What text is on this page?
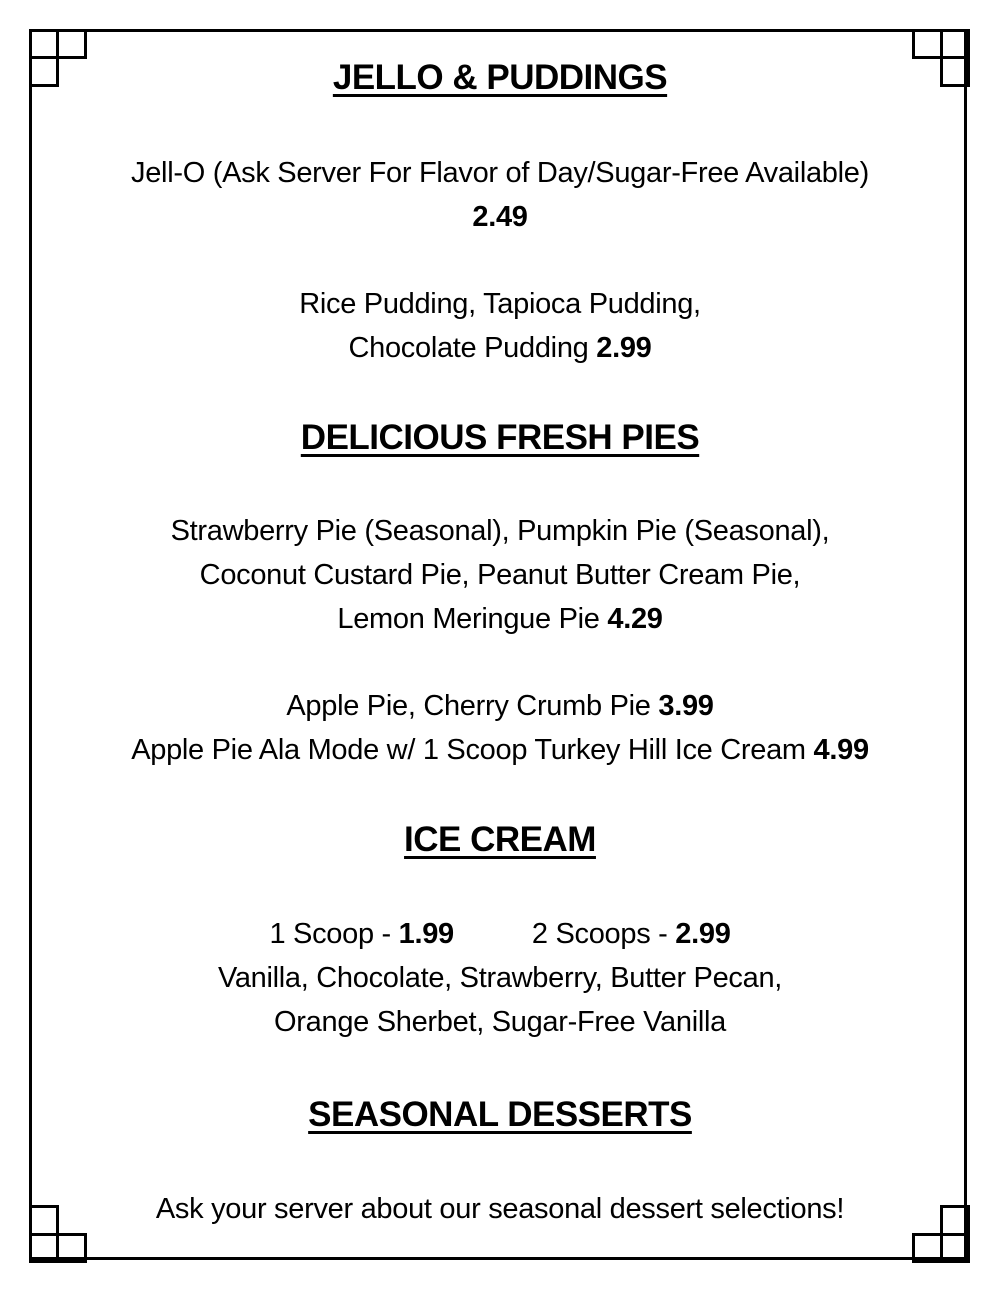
JELLO & PUDDINGS
Jell-O (Ask Server For Flavor of Day/Sugar-Free Available)
2.49
Rice Pudding, Tapioca Pudding,
Chocolate Pudding 2.99
DELICIOUS FRESH PIES
Strawberry Pie (Seasonal), Pumpkin Pie (Seasonal),
Coconut Custard Pie, Peanut Butter Cream Pie,
Lemon Meringue Pie 4.29
Apple Pie, Cherry Crumb Pie 3.99
Apple Pie Ala Mode w/ 1 Scoop Turkey Hill Ice Cream 4.99
ICE CREAM
1 Scoop - 1.99	2 Scoops - 2.99
Vanilla, Chocolate, Strawberry, Butter Pecan,
Orange Sherbet, Sugar-Free Vanilla
SEASONAL DESSERTS
Ask your server about our seasonal dessert selections!
